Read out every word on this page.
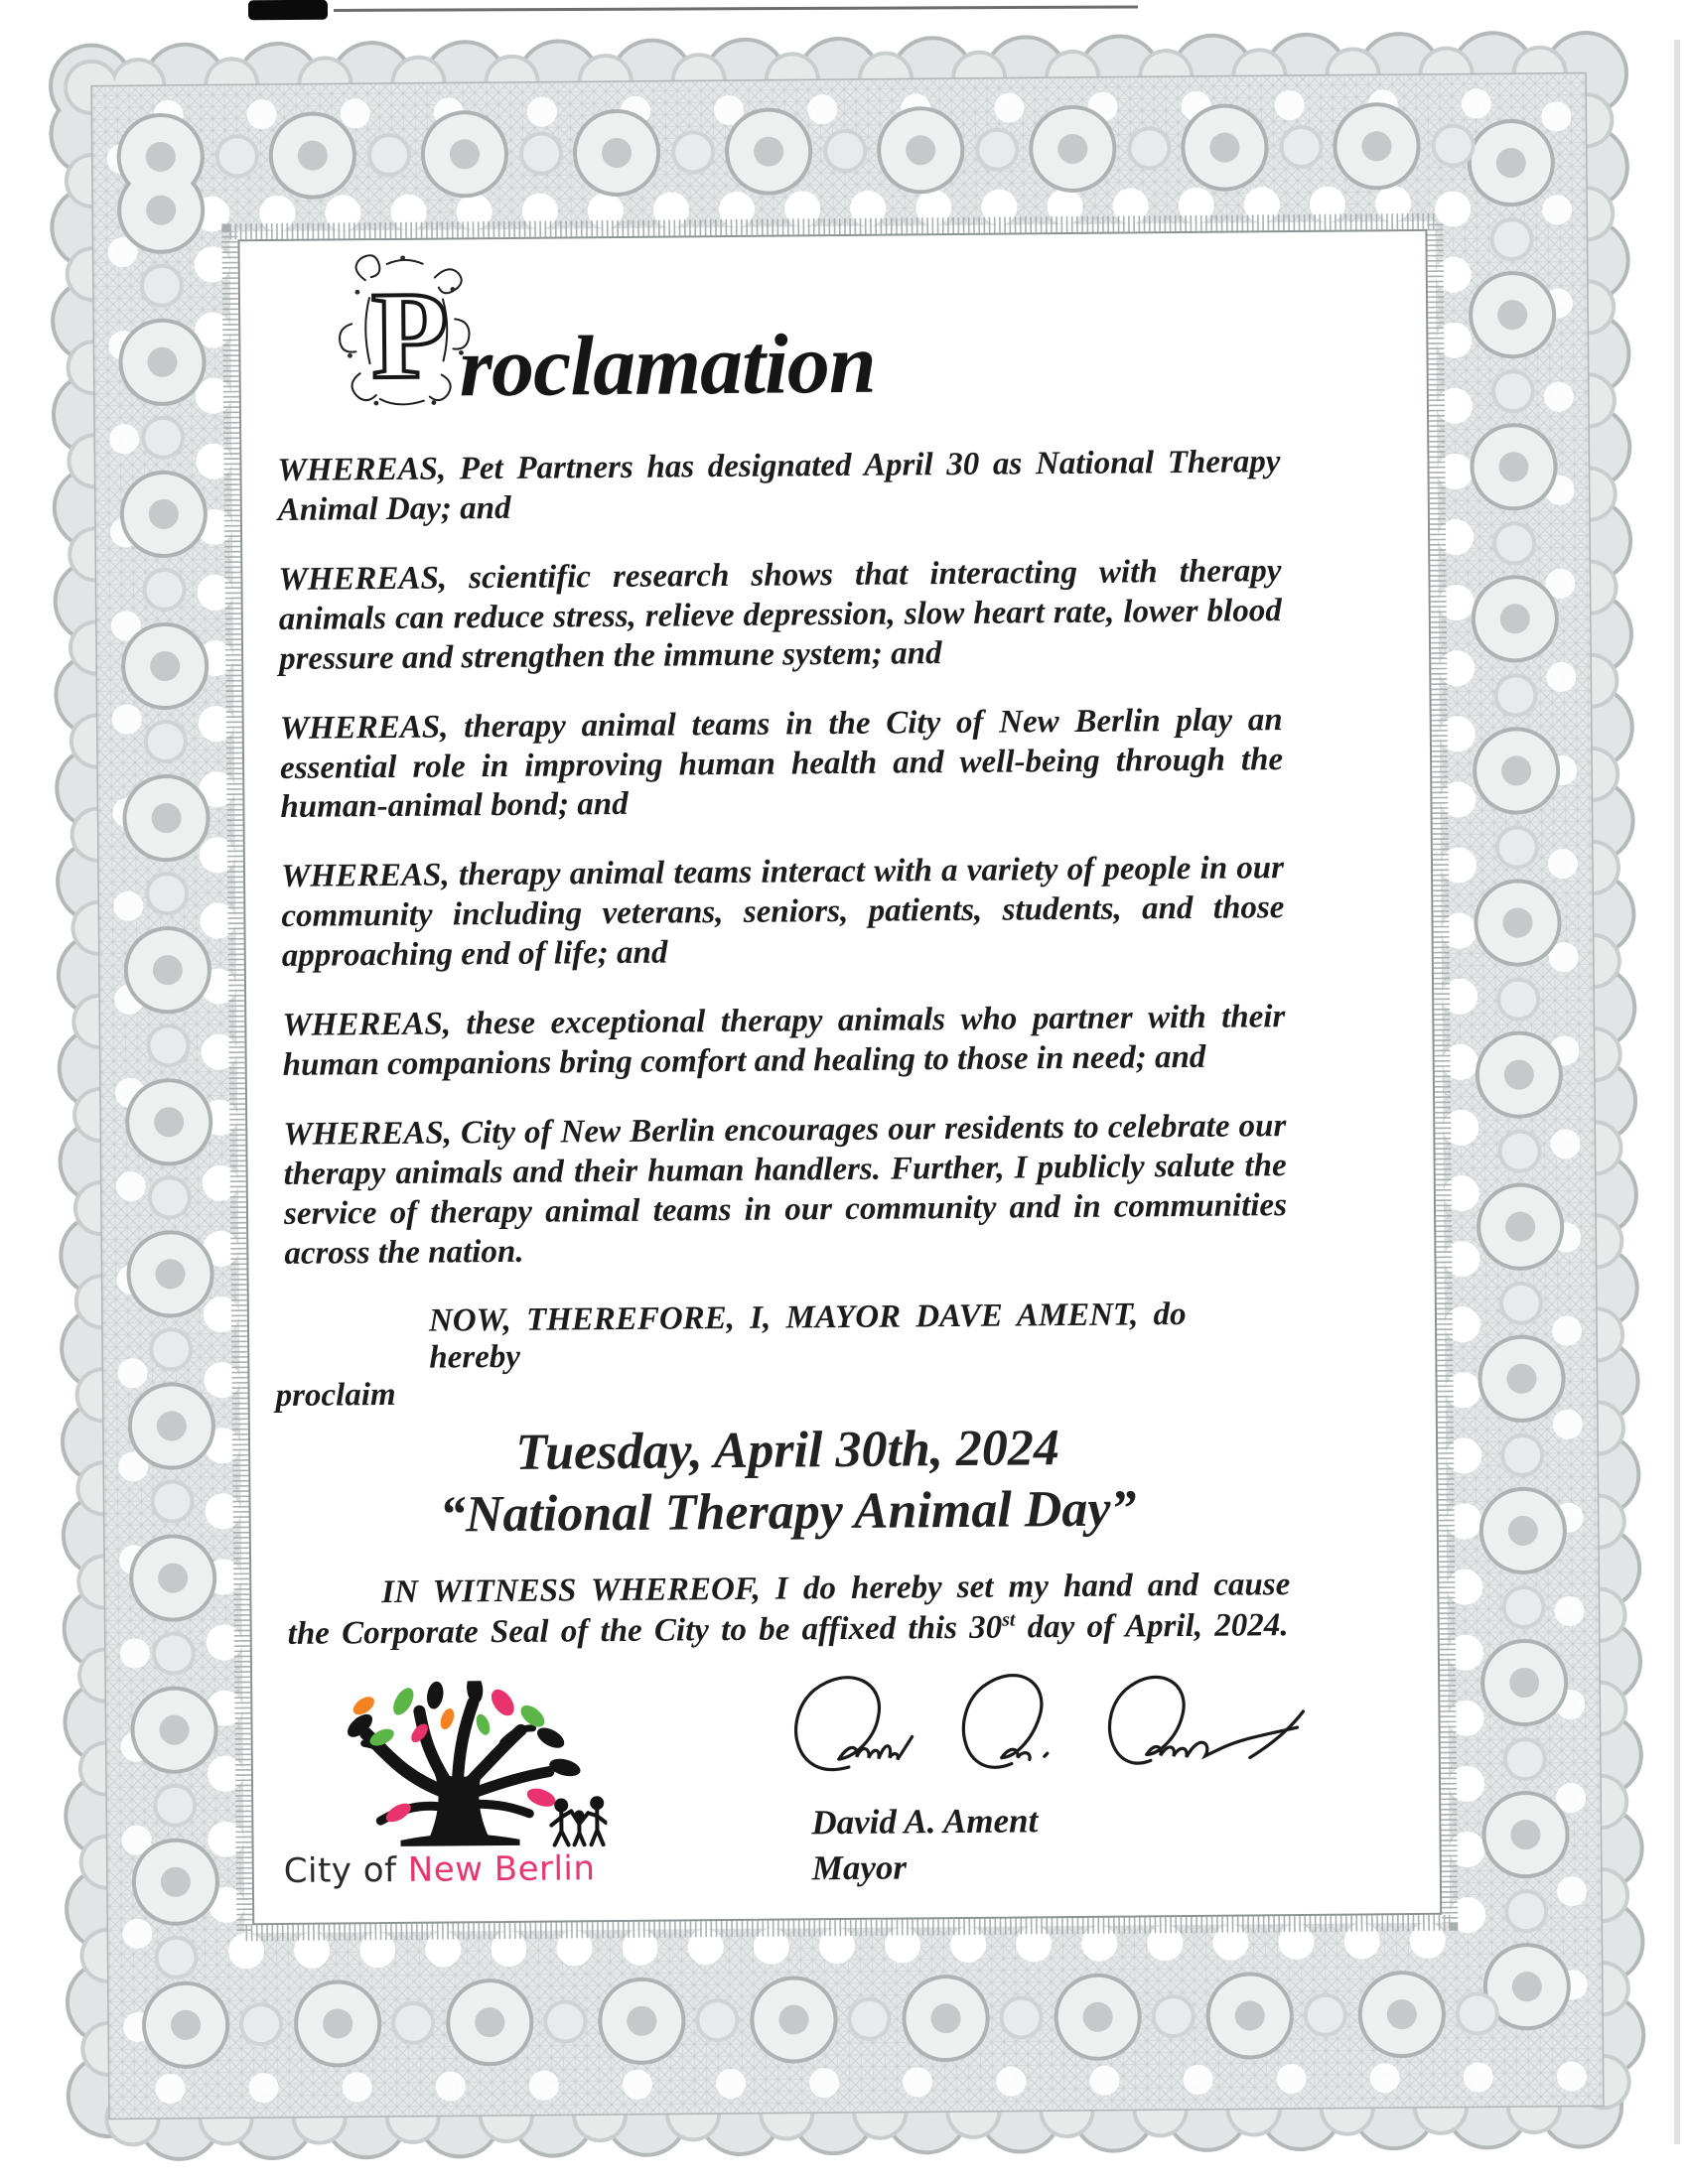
P roclamation

WHEREAS, Pet Partners has designated April 30 as National Therapy Animal Day; and

WHEREAS, scientific research shows that interacting with therapy animals can reduce stress, relieve depression, slow heart rate, lower blood pressure and strengthen the immune system; and

WHEREAS, therapy animal teams in the City of New Berlin play an essential role in improving human health and well-being through the human-animal bond; and

WHEREAS, therapy animal teams interact with a variety of people in our community including veterans, seniors, patients, students, and those approaching end of life; and

WHEREAS, these exceptional therapy animals who partner with their human companions bring comfort and healing to those in need; and

WHEREAS, City of New Berlin encourages our residents to celebrate our therapy animals and their human handlers. Further, I publicly salute the service of therapy animal teams in our community and in communities across the nation.

NOW, THEREFORE, I, MAYOR DAVE AMENT, do hereby
proclaim

Tuesday, April 30th, 2024

“National Therapy Animal Day”

IN WITNESS WHEREOF, I do hereby set my hand and cause the Corporate Seal of the City to be affixed this 30st day of April, 2024.

City of New Berlin
David A. Ament
Mayor
